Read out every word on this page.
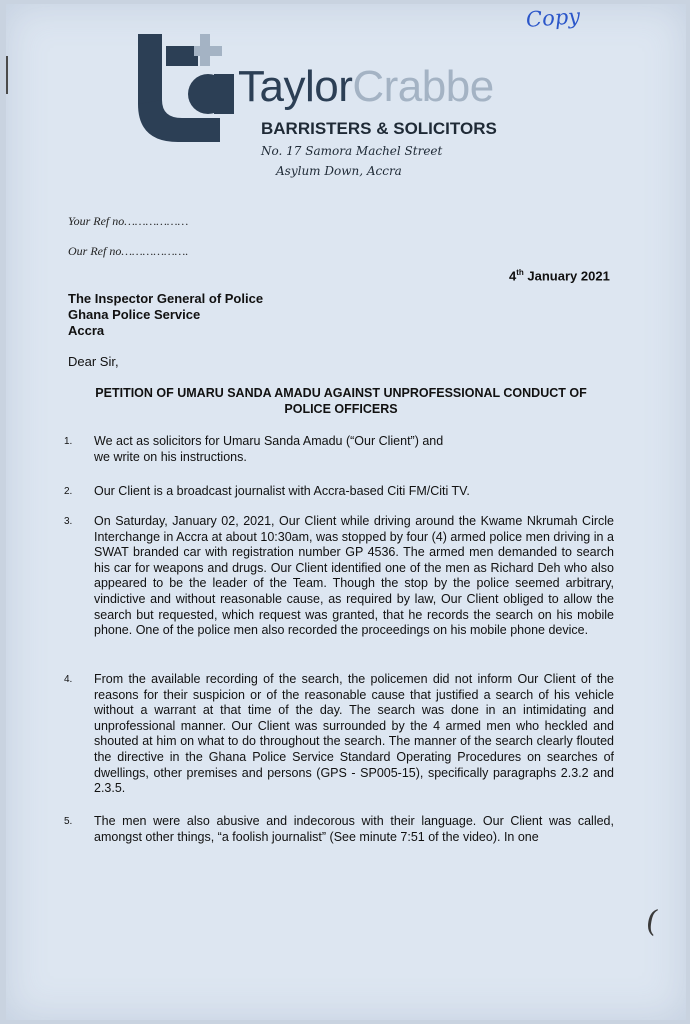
Copy
TaylorCrabbe
BARRISTERS & SOLICITORS
No. 17 Samora Machel Street
Asylum Down, Accra
Your Ref no………………
Our Ref no……………….
4th January 2021
The Inspector General of Police
Ghana Police Service
Accra
Dear Sir,
PETITION OF UMARU SANDA AMADU AGAINST UNPROFESSIONAL CONDUCT OF POLICE OFFICERS
1. We act as solicitors for Umaru Sanda Amadu (“Our Client”) and we write on his instructions.
2. Our Client is a broadcast journalist with Accra-based Citi FM/Citi TV.
3. On Saturday, January 02, 2021, Our Client while driving around the Kwame Nkrumah Circle Interchange in Accra at about 10:30am, was stopped by four (4) armed police men driving in a SWAT branded car with registration number GP 4536. The armed men demanded to search his car for weapons and drugs. Our Client identified one of the men as Richard Deh who also appeared to be the leader of the Team. Though the stop by the police seemed arbitrary, vindictive and without reasonable cause, as required by law, Our Client obliged to allow the search but requested, which request was granted, that he records the search on his mobile phone. One of the police men also recorded the proceedings on his mobile phone device.
4. From the available recording of the search, the policemen did not inform Our Client of the reasons for their suspicion or of the reasonable cause that justified a search of his vehicle without a warrant at that time of the day. The search was done in an intimidating and unprofessional manner. Our Client was surrounded by the 4 armed men who heckled and shouted at him on what to do throughout the search. The manner of the search clearly flouted the directive in the Ghana Police Service Standard Operating Procedures on searches of dwellings, other premises and persons (GPS - SP005-15), specifically paragraphs 2.3.2 and 2.3.5.
5. The men were also abusive and indecorous with their language. Our Client was called, amongst other things, “a foolish journalist” (See minute 7:51 of the video). In one
(
